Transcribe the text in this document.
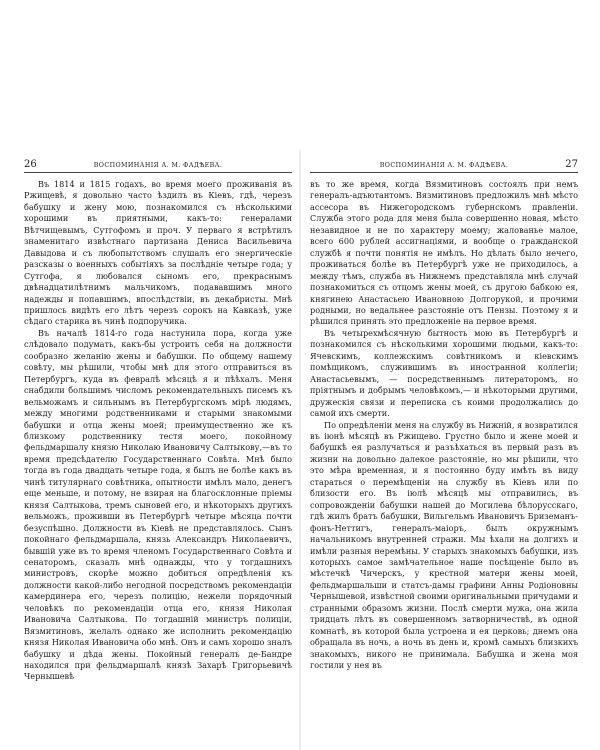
26	ВОСПОМИНАНІЯ А. М. ФАДѢЕВА.

Въ 1814 и 1815 годахъ, во время моего проживанія въ Ржищевѣ, я довольно часто ѣздилъ въ Кіевъ, гдѣ, черезъ бабушку и жену мою, познакомился съ нѣсколькими хорошими въ приятными, какъ-то: генералами Вѣтчищевымъ, Сутгофомъ и проч. У перваго я встрѣтилъ знаменитаго извѣстнаго партизана Дениса Васильевича Давыдова и съ любопытствомъ слушалъ его энергическіе разсказы о военныхъ событіяхъ за послѣдніе четыре года; у Сутгофа, я любовался сыномъ его, прекраснымъ двѣнадцатилѣтнимъ мальчикомъ, подававшимъ много надежды и попавшимъ, впослѣдствіи, въ декабристы. Мнѣ пришлось видѣть его лѣтъ черезъ сорокъ на Кавказѣ, уже сѣдаго старика въ чинѣ подпоручика.

Въ началѣ 1814-го года настунила пора, когда уже слѣдовало подумать, какъ-бы устроить себя на должности сообразно желанію жены и бабушки. По общему нашему совѣту, мы рѣшили, чтобы мнѣ для этого отправиться въ Петербургъ, куда въ февралѣ мѣсяцѣ я и пѣѣхалъ. Меня снабдили большимъ числомъ рекомендательныхъ писемъ къ вельможамъ и сильнымъ въ Петербургскомъ мірѣ людямъ, между многими родственниками и старыми знакомыми бабушки и отца жены моей; преимущественно же къ близкому родственнику тестя моего, покойному фельдмаршалу князю Николаю Ивановичу Салтыкову,—въ то время предсѣдателю Государственнаго Совѣта. Мнѣ было тогда въ года двадцать четыре года, я былъ не болѣе какъ въ чинѣ титулярнаго совѣтника, опытности имѣлъ мало, денегъ еще меньше, и потому, не взирая на благосклонные пріемы князя Салтыкова, тремъ сыновей его, и нѣкоторыхъ другихъ вельможъ, проживши въ Петербургѣ четыре мѣсяца почти безуспѣшно. Должности въ Кіевѣ не представлялось. Сынъ покойнаго фельдмаршала, князь Александръ Николаевичъ, бывшій уже въ то время членомъ Государственнаго Совѣта и сенаторомъ, сказалъ мнѣ однажды, что у тогдашнихъ министровъ, скорѣе можно добиться опредѣленія къ должности какой-либо негодной посредствомъ рекомендаціи камердинера его, черезъ полицію, нежели порядочный человѣкъ по рекомендаціи отца его, князя Николая Ивановича Салтыкова. По тогдашній министръ полиціи, Вязмитиновъ, желалъ однако же исполнить рекомендацію князя Николая Ивановича обо мнѣ. Онъ и самъ хорошо зналъ бабушку и дѣда жены. Покойный генералъ де-Бандре находился при фельдмаршалѣ князѣ Захарѣ Григорьевичѣ Чернышевѣ

ВОСПОМИНАНІЯ А. М. ФАДѢЕВА.	27

въ то же время, когда Вязмитиновъ состоялъ при немъ генералъ-адъютантомъ. Вязмитиновъ предложилъ мнѣ мѣсто ассесора въ Нижегородскомъ губернскомъ правленіи. Служба этого рода для меня была совершенно новая, мѣсто незавидное и не по характеру моему; жалованье малое, всего 600 рублей ассигнаціями, и вообще о гражданской службѣ я почти понятія не имѣлъ. Но дѣлать было нечего, проживаться болѣе въ Петербургѣ уже не приходилось, а между тѣмъ, служба въ Нижнемъ представляла мнѣ случай познакомиться съ отцомъ жены моей, съ другою бабкою ея, княгинею Анастасьею Ивановною Долгорукой, и прочими родными, но ведальнее разстояніе отъ Пензы. Поэтому я и рѣшился принять это предложеніе на первое время.

Въ четырехмѣсячную бытность мою въ Петербургѣ и познакомился съ нѣсколькими хорошими людьми, какъ-то: Ячевскимъ, коллежскимъ совѣтникомъ и кіевскимъ помѣщикомъ, служившимъ въ иностранной коллегіи; Анастасьевымъ, — посредственнымъ литераторомъ, но пріятнымъ и добрымъ человѣкомъ,— и нѣкоторыми другими, дружескія связи и переписка съ коими продолжались до самой ихъ смерти.

По опредѣленіи меня на службу въ Нижній, я возвратился въ іюнѣ мѣсяцѣ въ Ржищево. Грустно было и жене моей и бабушкѣ ея разлучаться и разъѣхаться въ первый разъ въ жизни на довольно далекое разстояніе, но мы рѣшили, что это мѣра временная, и я постоянно буду имѣть въ виду стараться о перемѣщеніи на службу въ Кіевъ или по близости его. Въ іюлѣ мѣсяцѣ мы отправились, въ сопровожденіи бабушки нашей до Могилева бѣлорусскаго, гдѣ жилъ братъ бабушки, Вильгельмъ Ивановичъ Бриземанъ-фонъ-Неттигъ, генералъ-маіоръ, былъ окружнымъ начальникомъ внутренней стражи. Мы ѣхали на долгихъ и имѣли разныя неремѣны. У старыхъ знакомыхъ бабушки, изъ которыхъ самое замѣчательное наше посѣщеніе было въ мѣстечкѣ Чичерскъ, у крестной матери жены моей, фельдмаршальши и статсъ-дамы графини Анны Родіоновны Чернышевой, извѣстной своими оригинальными причудами и странными образомъ жизни. Послѣ смерти мужа, она жила тридцать лѣтъ въ совершенномъ затворничествѣ, въ одной комнатѣ, въ которой была устроена и ея церковь; днемъ она обращала въ ночь, а ночь въ день и, кромѣ самыхъ близкихъ знакомыхъ, никого не принимала. Бабушка и жена моя гостили у нея въ
